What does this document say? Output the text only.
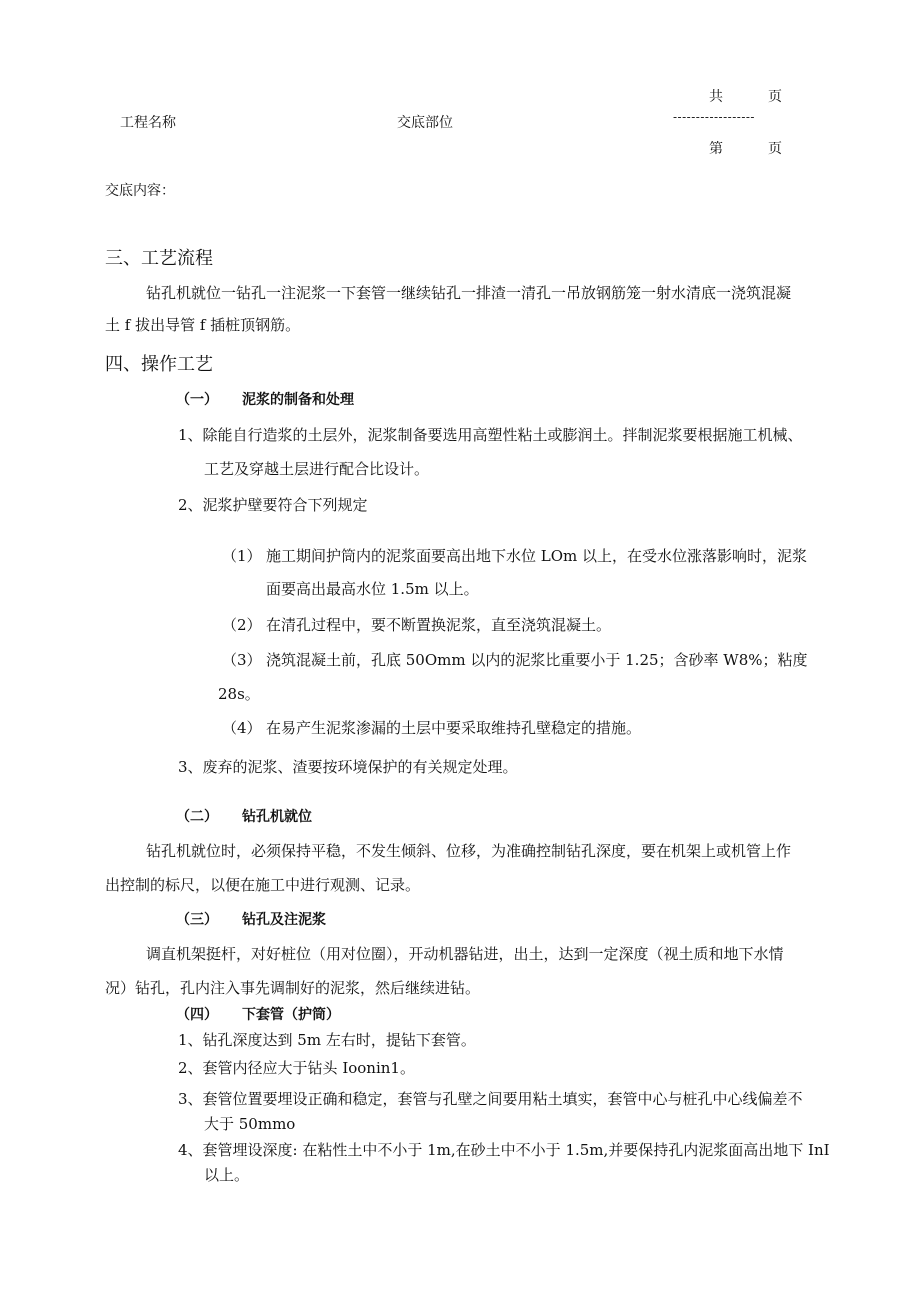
共	页
工程名称	交底部位	------------------
第	页
交底内容：
三、工艺流程
钻孔机就位一钻孔一注泥浆一下套管一继续钻孔一排渣一清孔一吊放钢筋笼一射水清底一浇筑混凝
土 f 拔出导管 f 插桩顶钢筋。
四、操作工艺
（一） 泥浆的制备和处理
1、除能自行造浆的土层外，泥浆制备要选用高塑性粘土或膨润土。拌制泥浆要根据施工机械、
工艺及穿越土层进行配合比设计。
2、泥浆护壁要符合下列规定
（1） 施工期间护筒内的泥浆面要高出地下水位 LOm 以上，在受水位涨落影响时，泥浆
面要高出最高水位 1.5m 以上。
（2） 在清孔过程中，要不断置换泥浆，直至浇筑混凝土。
（3） 浇筑混凝土前，孔底 50Omm 以内的泥浆比重要小于 1.25；含砂率 W8%；粘度
28s。
（4） 在易产生泥浆渗漏的土层中要采取维持孔壁稳定的措施。
3、废弃的泥浆、渣要按环境保护的有关规定处理。
（二） 钻孔机就位
钻孔机就位时，必须保持平稳，不发生倾斜、位移，为准确控制钻孔深度，要在机架上或机管上作
出控制的标尺，以便在施工中进行观测、记录。
（三） 钻孔及注泥浆
调直机架挺杆，对好桩位（用对位圈），开动机器钻进，出土，达到一定深度（视土质和地下水情
况）钻孔，孔内注入事先调制好的泥浆，然后继续进钻。
（四） 下套管（护筒）
1、钻孔深度达到 5m 左右时，提钻下套管。
2、套管内径应大于钻头 Ioonin1。
3、套管位置要埋设正确和稳定，套管与孔壁之间要用粘土填实，套管中心与桩孔中心线偏差不
大于 50mmo
4、套管埋设深度: 在粘性土中不小于 1m,在砂土中不小于 1.5m,并要保持孔内泥浆面高出地下 InI
以上。
